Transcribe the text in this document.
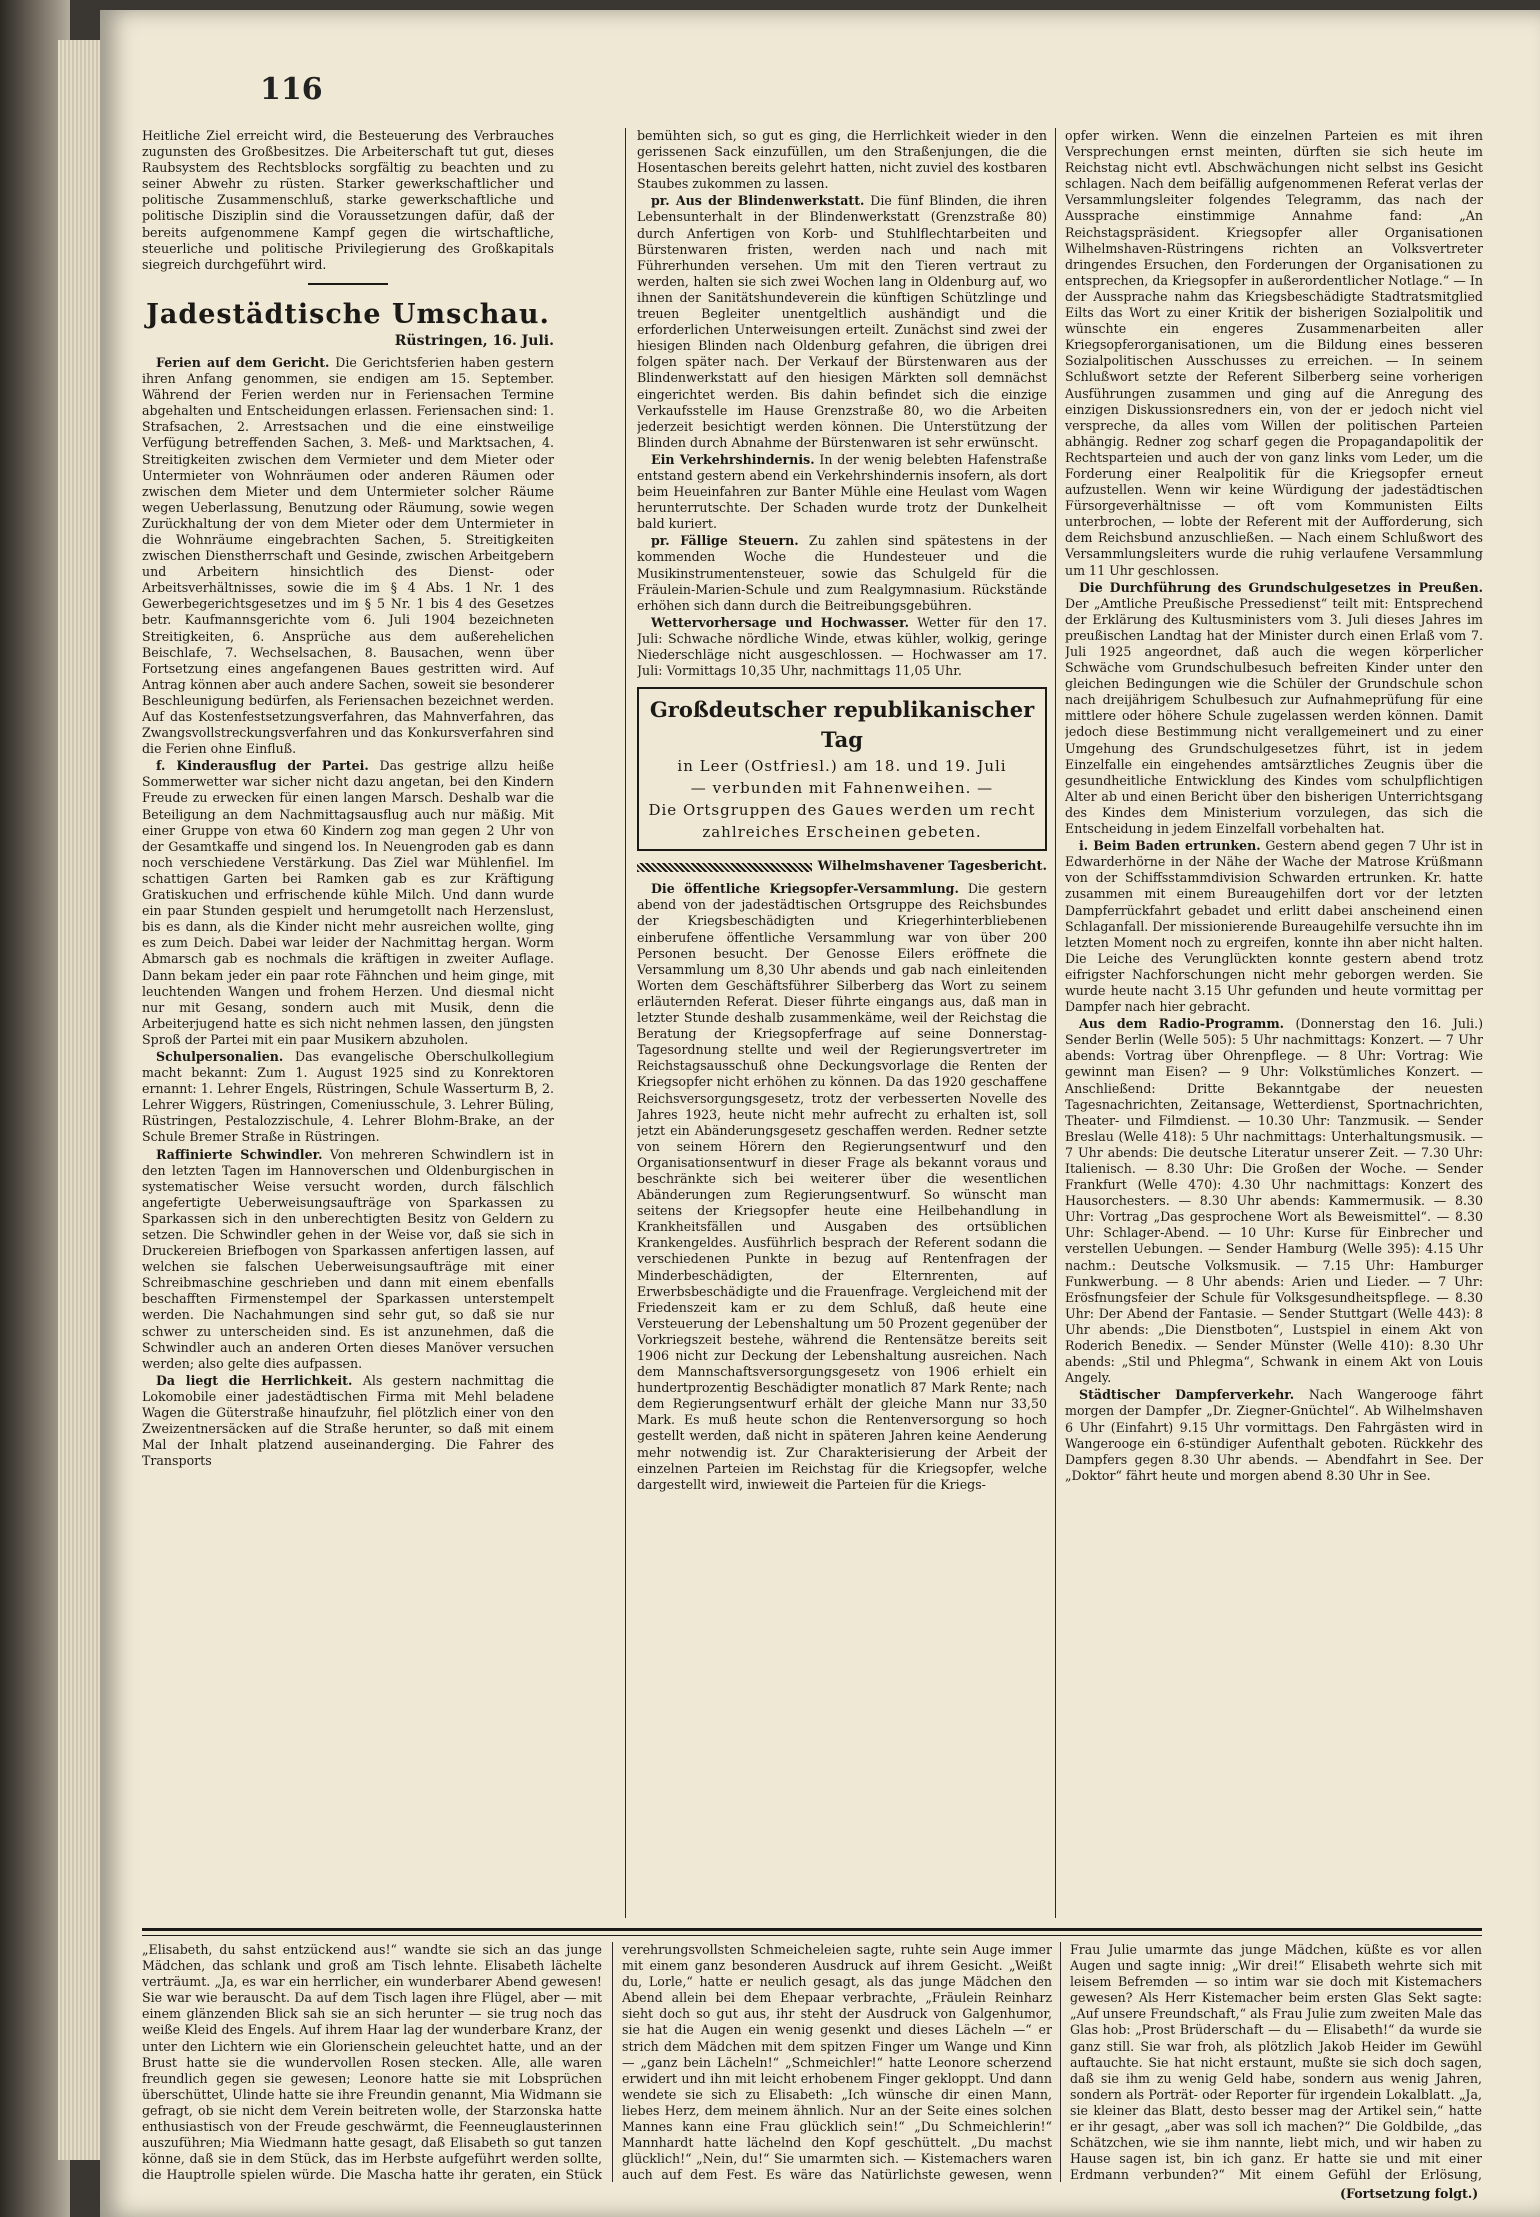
116

Heitliche Ziel erreicht wird, die Besteuerung des Verbrauches zugunsten des Großbesitzes. Die Arbeiterschaft tut gut, dieses Raubsystem des Rechtsblocks sorgfältig zu beachten und zu seiner Abwehr zu rüsten. Starker gewerkschaftlicher und politische Zusammenschluß, starke gewerkschaftliche und politische Disziplin sind die Voraussetzungen dafür, daß der bereits aufgenommene Kampf gegen die wirtschaftliche, steuerliche und politische Privilegierung des Großkapitals siegreich durchgeführt wird.

Jadestädtische Umschau.
Rüstringen, 16. Juli.

Ferien auf dem Gericht. Die Gerichtsferien haben gestern ihren Anfang genommen, sie endigen am 15. September. Während der Ferien werden nur in Feriensachen Termine abgehalten und Entscheidungen erlassen. Feriensachen sind: 1. Strafsachen, 2. Arrestsachen und die eine einstweilige Verfügung betreffenden Sachen, 3. Meß- und Marktsachen, 4. Streitigkeiten zwischen dem Vermieter und dem Mieter oder Untermieter von Wohnräumen oder anderen Räumen oder zwischen dem Mieter und dem Untermieter solcher Räume wegen Ueberlassung, Benutzung oder Räumung, sowie wegen Zurückhaltung der von dem Mieter oder dem Untermieter in die Wohnräume eingebrachten Sachen, 5. Streitigkeiten zwischen Dienstherrschaft und Gesinde, zwischen Arbeitgebern und Arbeitern hinsichtlich des Dienst- oder Arbeitsverhältnisses, sowie die im § 4 Abs. 1 Nr. 1 des Gewerbegerichtsgesetzes und im § 5 Nr. 1 bis 4 des Gesetzes betr. Kaufmannsgerichte vom 6. Juli 1904 bezeichneten Streitigkeiten, 6. Ansprüche aus dem außerehelichen Beischlafe, 7. Wechselsachen, 8. Bausachen, wenn über Fortsetzung eines angefangenen Baues gestritten wird. Auf Antrag können aber auch andere Sachen, soweit sie besonderer Beschleunigung bedürfen, als Feriensachen bezeichnet werden. Auf das Kostenfestsetzungsverfahren, das Mahnverfahren, das Zwangsvollstreckungsverfahren und das Konkursverfahren sind die Ferien ohne Einfluß.

f. Kinderausflug der Partei. Das gestrige allzu heiße Sommerwetter war sicher nicht dazu angetan, bei den Kindern Freude zu erwecken für einen langen Marsch. Deshalb war die Beteiligung an dem Nachmittagsausflug auch nur mäßig. Mit einer Gruppe von etwa 60 Kindern zog man gegen 2 Uhr von der Gesamtkaffe und singend los. In Neuengroden gab es dann noch verschiedene Verstärkung. Das Ziel war Mühlenfiel. Im schattigen Garten bei Ramken gab es zur Kräftigung Gratiskuchen und erfrischende kühle Milch. Und dann wurde ein paar Stunden gespielt und herumgetollt nach Herzenslust, bis es dann, als die Kinder nicht mehr ausreichen wollte, ging es zum Deich. Dabei war leider der Nachmittag hergan. Worm Abmarsch gab es nochmals die kräftigen in zweiter Auflage. Dann bekam jeder ein paar rote Fähnchen und heim ginge, mit leuchtenden Wangen und frohem Herzen. Und diesmal nicht nur mit Gesang, sondern auch mit Musik, denn die Arbeiterjugend hatte es sich nicht nehmen lassen, den jüngsten Sproß der Partei mit ein paar Musikern abzuholen.

Schulpersonalien. Das evangelische Oberschulkollegium macht bekannt: Zum 1. August 1925 sind zu Konrektoren ernannt: 1. Lehrer Engels, Rüstringen, Schule Wasserturm B, 2. Lehrer Wiggers, Rüstringen, Comeniusschule, 3. Lehrer Büling, Rüstringen, Pestalozzischule, 4. Lehrer Blohm-Brake, an der Schule Bremer Straße in Rüstringen.

Raffinierte Schwindler. Von mehreren Schwindlern ist in den letzten Tagen im Hannoverschen und Oldenburgischen in systematischer Weise versucht worden, durch fälschlich angefertigte Ueberweisungsaufträge von Sparkassen zu Sparkassen sich in den unberechtigten Besitz von Geldern zu setzen. Die Schwindler gehen in der Weise vor, daß sie sich in Druckereien Briefbogen von Sparkassen anfertigen lassen, auf welchen sie falschen Ueberweisungsaufträge mit einer Schreibmaschine geschrieben und dann mit einem ebenfalls beschafften Firmenstempel der Sparkassen unterstempelt werden. Die Nachahmungen sind sehr gut, so daß sie nur schwer zu unterscheiden sind. Es ist anzunehmen, daß die Schwindler auch an anderen Orten dieses Manöver versuchen werden; also gelte dies aufpassen.

Da liegt die Herrlichkeit. Als gestern nachmittag die Lokomobile einer jadestädtischen Firma mit Mehl beladene Wagen die Güterstraße hinaufzuhr, fiel plötzlich einer von den Zweizentnersäcken auf die Straße herunter, so daß mit einem Mal der Inhalt platzend auseinanderging. Die Fahrer des Transports

bemühten sich, so gut es ging, die Herrlichkeit wieder in den gerissenen Sack einzufüllen, um den Straßenjungen, die die Hosentaschen bereits gelehrt hatten, nicht zuviel des kostbaren Staubes zukommen zu lassen.

pr. Aus der Blindenwerkstatt. Die fünf Blinden, die ihren Lebensunterhalt in der Blindenwerkstatt (Grenzstraße 80) durch Anfertigen von Korb- und Stuhlflechtarbeiten und Bürstenwaren fristen, werden nach und nach mit Führerhunden versehen. Um mit den Tieren vertraut zu werden, halten sie sich zwei Wochen lang in Oldenburg auf, wo ihnen der Sanitätshundeverein die künftigen Schützlinge und treuen Begleiter unentgeltlich aushändigt und die erforderlichen Unterweisungen erteilt. Zunächst sind zwei der hiesigen Blinden nach Oldenburg gefahren, die übrigen drei folgen später nach. Der Verkauf der Bürstenwaren aus der Blindenwerkstatt auf den hiesigen Märkten soll demnächst eingerichtet werden. Bis dahin befindet sich die einzige Verkaufsstelle im Hause Grenzstraße 80, wo die Arbeiten jederzeit besichtigt werden können. Die Unterstützung der Blinden durch Abnahme der Bürstenwaren ist sehr erwünscht.

Ein Verkehrshindernis. In der wenig belebten Hafenstraße entstand gestern abend ein Verkehrshindernis insofern, als dort beim Heueinfahren zur Banter Mühle eine Heulast vom Wagen herunterrutschte. Der Schaden wurde trotz der Dunkelheit bald kuriert.

pr. Fällige Steuern. Zu zahlen sind spätestens in der kommenden Woche die Hundesteuer und die Musikinstrumentensteuer, sowie das Schulgeld für die Fräulein-Marien-Schule und zum Realgymnasium. Rückstände erhöhen sich dann durch die Beitreibungsgebühren.

Wettervorhersage und Hochwasser. Wetter für den 17. Juli: Schwache nördliche Winde, etwas kühler, wolkig, geringe Niederschläge nicht ausgeschlossen. — Hochwasser am 17. Juli: Vormittags 10,35 Uhr, nachmittags 11,05 Uhr.

Großdeutscher republikanischer Tag
in Leer (Ostfriesl.) am 18. und 19. Juli
— verbunden mit Fahnenweihen. —
Die Ortsgruppen des Gaues werden um recht zahlreiches Erscheinen gebeten.
Wilhelmshavener Tagesbericht.

Die öffentliche Kriegsopfer-Versammlung. Die gestern abend von der jadestädtischen Ortsgruppe des Reichsbundes der Kriegsbeschädigten und Kriegerhinterbliebenen einberufene öffentliche Versammlung war von über 200 Personen besucht. Der Genosse Eilers eröffnete die Versammlung um 8,30 Uhr abends und gab nach einleitenden Worten dem Geschäftsführer Silberberg das Wort zu seinem erläuternden Referat. Dieser führte eingangs aus, daß man in letzter Stunde deshalb zusammenkäme, weil der Reichstag die Beratung der Kriegsopferfrage auf seine Donnerstag-Tagesordnung stellte und weil der Regierungsvertreter im Reichstagsausschuß ohne Deckungsvorlage die Renten der Kriegsopfer nicht erhöhen zu können. Da das 1920 geschaffene Reichsversorgungsgesetz, trotz der verbesserten Novelle des Jahres 1923, heute nicht mehr aufrecht zu erhalten ist, soll jetzt ein Abänderungsgesetz geschaffen werden. Redner setzte von seinem Hörern den Regierungsentwurf und den Organisationsentwurf in dieser Frage als bekannt voraus und beschränkte sich bei weiterer über die wesentlichen Abänderungen zum Regierungsentwurf. So wünscht man seitens der Kriegsopfer heute eine Heilbehandlung in Krankheitsfällen und Ausgaben des ortsüblichen Krankengeldes. Ausführlich besprach der Referent sodann die verschiedenen Punkte in bezug auf Rentenfragen der Minderbeschädigten, der Elternrenten, auf Erwerbsbeschädigte und die Frauenfrage. Vergleichend mit der Friedenszeit kam er zu dem Schluß, daß heute eine Versteuerung der Lebenshaltung um 50 Prozent gegenüber der Vorkriegszeit bestehe, während die Rentensätze bereits seit 1906 nicht zur Deckung der Lebenshaltung ausreichen. Nach dem Mannschaftsversorgungsgesetz von 1906 erhielt ein hundertprozentig Beschädigter monatlich 87 Mark Rente; nach dem Regierungsentwurf erhält der gleiche Mann nur 33,50 Mark. Es muß heute schon die Rentenversorgung so hoch gestellt werden, daß nicht in späteren Jahren keine Aenderung mehr notwendig ist. Zur Charakterisierung der Arbeit der einzelnen Parteien im Reichstag für die Kriegsopfer, welche dargestellt wird, inwieweit die Parteien für die Kriegs-

opfer wirken. Wenn die einzelnen Parteien es mit ihren Versprechungen ernst meinten, dürften sie sich heute im Reichstag nicht evtl. Abschwächungen nicht selbst ins Gesicht schlagen. Nach dem beifällig aufgenommenen Referat verlas der Versammlungsleiter folgendes Telegramm, das nach der Aussprache einstimmige Annahme fand: „An Reichstagspräsident. Kriegsopfer aller Organisationen Wilhelmshaven-Rüstringens richten an Volksvertreter dringendes Ersuchen, den Forderungen der Organisationen zu entsprechen, da Kriegsopfer in außerordentlicher Notlage.“ — In der Aussprache nahm das Kriegsbeschädigte Stadtratsmitglied Eilts das Wort zu einer Kritik der bisherigen Sozialpolitik und wünschte ein engeres Zusammenarbeiten aller Kriegsopferorganisationen, um die Bildung eines besseren Sozialpolitischen Ausschusses zu erreichen. — In seinem Schlußwort setzte der Referent Silberberg seine vorherigen Ausführungen zusammen und ging auf die Anregung des einzigen Diskussionsredners ein, von der er jedoch nicht viel verspreche, da alles vom Willen der politischen Parteien abhängig. Redner zog scharf gegen die Propagandapolitik der Rechtsparteien und auch der von ganz links vom Leder, um die Forderung einer Realpolitik für die Kriegsopfer erneut aufzustellen. Wenn wir keine Würdigung der jadestädtischen Fürsorgeverhältnisse — oft vom Kommunisten Eilts unterbrochen, — lobte der Referent mit der Aufforderung, sich dem Reichsbund anzuschließen. — Nach einem Schlußwort des Versammlungsleiters wurde die ruhig verlaufene Versammlung um 11 Uhr geschlossen.

Die Durchführung des Grundschulgesetzes in Preußen. Der „Amtliche Preußische Pressedienst“ teilt mit: Entsprechend der Erklärung des Kultusministers vom 3. Juli dieses Jahres im preußischen Landtag hat der Minister durch einen Erlaß vom 7. Juli 1925 angeordnet, daß auch die wegen körperlicher Schwäche vom Grundschulbesuch befreiten Kinder unter den gleichen Bedingungen wie die Schüler der Grundschule schon nach dreijährigem Schulbesuch zur Aufnahmeprüfung für eine mittlere oder höhere Schule zugelassen werden können. Damit jedoch diese Bestimmung nicht verallgemeinert und zu einer Umgehung des Grundschulgesetzes führt, ist in jedem Einzelfalle ein eingehendes amtsärztliches Zeugnis über die gesundheitliche Entwicklung des Kindes vom schulpflichtigen Alter ab und einen Bericht über den bisherigen Unterrichtsgang des Kindes dem Ministerium vorzulegen, das sich die Entscheidung in jedem Einzelfall vorbehalten hat.

i. Beim Baden ertrunken. Gestern abend gegen 7 Uhr ist in Edwarderhörne in der Nähe der Wache der Matrose Krüßmann von der Schiffsstammdivision Schwarden ertrunken. Kr. hatte zusammen mit einem Bureaugehilfen dort vor der letzten Dampferrückfahrt gebadet und erlitt dabei anscheinend einen Schlaganfall. Der missionierende Bureaugehilfe versuchte ihn im letzten Moment noch zu ergreifen, konnte ihn aber nicht halten. Die Leiche des Verunglückten konnte gestern abend trotz eifrigster Nachforschungen nicht mehr geborgen werden. Sie wurde heute nacht 3.15 Uhr gefunden und heute vormittag per Dampfer nach hier gebracht.

Aus dem Radio-Programm. (Donnerstag den 16. Juli.) Sender Berlin (Welle 505): 5 Uhr nachmittags: Konzert. — 7 Uhr abends: Vortrag über Ohrenpflege. — 8 Uhr: Vortrag: Wie gewinnt man Eisen? — 9 Uhr: Volkstümliches Konzert. — Anschließend: Dritte Bekanntgabe der neuesten Tagesnachrichten, Zeitansage, Wetterdienst, Sportnachrichten, Theater- und Filmdienst. — 10.30 Uhr: Tanzmusik. — Sender Breslau (Welle 418): 5 Uhr nachmittags: Unterhaltungsmusik. — 7 Uhr abends: Die deutsche Literatur unserer Zeit. — 7.30 Uhr: Italienisch. — 8.30 Uhr: Die Großen der Woche. — Sender Frankfurt (Welle 470): 4.30 Uhr nachmittags: Konzert des Hausorchesters. — 8.30 Uhr abends: Kammermusik. — 8.30 Uhr: Vortrag „Das gesprochene Wort als Beweismittel“. — 8.30 Uhr: Schlager-Abend. — 10 Uhr: Kurse für Einbrecher und verstellen Uebungen. — Sender Hamburg (Welle 395): 4.15 Uhr nachm.: Deutsche Volksmusik. — 7.15 Uhr: Hamburger Funkwerbung. — 8 Uhr abends: Arien und Lieder. — 7 Uhr: Erösfnungsfeier der Schule für Volksgesundheitspflege. — 8.30 Uhr: Der Abend der Fantasie. — Sender Stuttgart (Welle 443): 8 Uhr abends: „Die Dienstboten“, Lustspiel in einem Akt von Roderich Benedix. — Sender Münster (Welle 410): 8.30 Uhr abends: „Stil und Phlegma“, Schwank in einem Akt von Louis Angely.

Städtischer Dampferverkehr. Nach Wangerooge fährt morgen der Dampfer „Dr. Ziegner-Gnüchtel“. Ab Wilhelmshaven 6 Uhr (Einfahrt) 9.15 Uhr vormittags. Den Fahrgästen wird in Wangerooge ein 6-stündiger Aufenthalt geboten. Rückkehr des Dampfers gegen 8.30 Uhr abends. — Abendfahrt in See. Der „Doktor“ fährt heute und morgen abend 8.30 Uhr in See.

„Elisabeth, du sahst entzückend aus!“ wandte sie sich an das junge Mädchen, das schlank und groß am Tisch lehnte. Elisabeth lächelte verträumt. „Ja, es war ein herrlicher, ein wunderbarer Abend gewesen! Sie war wie berauscht. Da auf dem Tisch lagen ihre Flügel, aber — mit einem glänzenden Blick sah sie an sich herunter — sie trug noch das weiße Kleid des Engels. Auf ihrem Haar lag der wunderbare Kranz, der unter den Lichtern wie ein Glorienschein geleuchtet hatte, und an der Brust hatte sie die wundervollen Rosen stecken. Alle, alle waren freundlich gegen sie gewesen; Leonore hatte sie mit Lobsprüchen überschüttet, Ulinde hatte sie ihre Freundin genannt, Mia Widmann sie gefragt, ob sie nicht dem Verein beitreten wolle, der Starzonska hatte enthusiastisch von der Freude geschwärmt, die Feenneuglausterinnen auszuführen; Mia Wiedmann hatte gesagt, daß Elisabeth so gut tanzen könne, daß sie in dem Stück, das im Herbste aufgeführt werden sollte, die Hauptrolle spielen würde. Die Mascha hatte ihr geraten, ein Stück

verehrungsvollsten Schmeicheleien sagte, ruhte sein Auge immer mit einem ganz besonderen Ausdruck auf ihrem Gesicht. „Weißt du, Lorle,“ hatte er neulich gesagt, als das junge Mädchen den Abend allein bei dem Ehepaar verbrachte, „Fräulein Reinharz sieht doch so gut aus, ihr steht der Ausdruck von Galgenhumor, sie hat die Augen ein wenig gesenkt und dieses Lächeln —“ er strich dem Mädchen mit dem spitzen Finger um Wange und Kinn — „ganz bein Lächeln!“ „Schmeichler!“ hatte Leonore scherzend erwidert und ihn mit leicht erhobenem Finger gekloppt. Und dann wendete sie sich zu Elisabeth: „Ich wünsche dir einen Mann, liebes Herz, dem meinem ähnlich. Nur an der Seite eines solchen Mannes kann eine Frau glücklich sein!“ „Du Schmeichlerin!“ Mannhardt hatte lächelnd den Kopf geschüttelt. „Du machst glücklich!“ „Nein, du!“ Sie umarmten sich. — Kistemachers waren auch auf dem Fest. Es wäre das Natürlichste gewesen, wenn

Frau Julie umarmte das junge Mädchen, küßte es vor allen Augen und sagte innig: „Wir drei!“ Elisabeth wehrte sich mit leisem Befremden — so intim war sie doch mit Kistemachers gewesen? Als Herr Kistemacher beim ersten Glas Sekt sagte: „Auf unsere Freundschaft,“ als Frau Julie zum zweiten Male das Glas hob: „Prost Brüderschaft — du — Elisabeth!“ da wurde sie ganz still. Sie war froh, als plötzlich Jakob Heider im Gewühl auftauchte. Sie hat nicht erstaunt, mußte sie sich doch sagen, daß sie ihm zu wenig Geld habe, sondern aus wenig Jahren, sondern als Porträt- oder Reporter für irgendein Lokalblatt. „Ja, sie kleiner das Blatt, desto besser mag der Artikel sein,“ hatte er ihr gesagt, „aber was soll ich machen?“ Die Goldbilde, „das Schätzchen, wie sie ihm nannte, liebt mich, und wir haben zu Hause sagen ist, bin ich ganz. Er hatte sie und mit einer Erdmann verbunden?“ Mit einem Gefühl der Erlösung,

(Fortsetzung folgt.)
